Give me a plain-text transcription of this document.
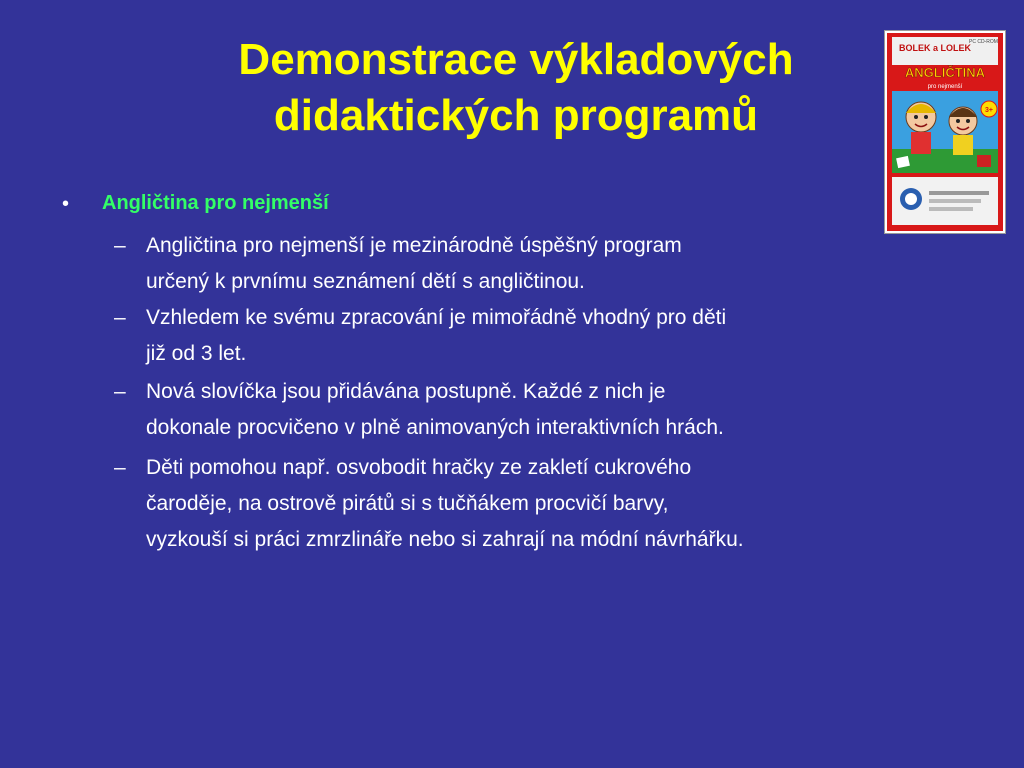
Demonstrace výkladových
didaktických programů
BOLEK a LOLEK
PC CD-ROM
ANGLIČTINA
pro nejmenší
3+
• Angličtina pro nejmenší
– Angličtina pro nejmenší je mezinárodně úspěšný program
určený k prvnímu seznámení dětí s angličtinou.
– Vzhledem ke svému zpracování je mimořádně vhodný pro děti
již od 3 let.
– Nová slovíčka jsou přidávána postupně. Každé z nich je
dokonale procvičeno v plně animovaných interaktivních hrách.
– Děti pomohou např. osvobodit hračky ze zakletí cukrového
čaroděje, na ostrově pirátů si s tučňákem procvičí barvy,
vyzkouší si práci zmrzlináře nebo si zahrají na módní návrhářku.
